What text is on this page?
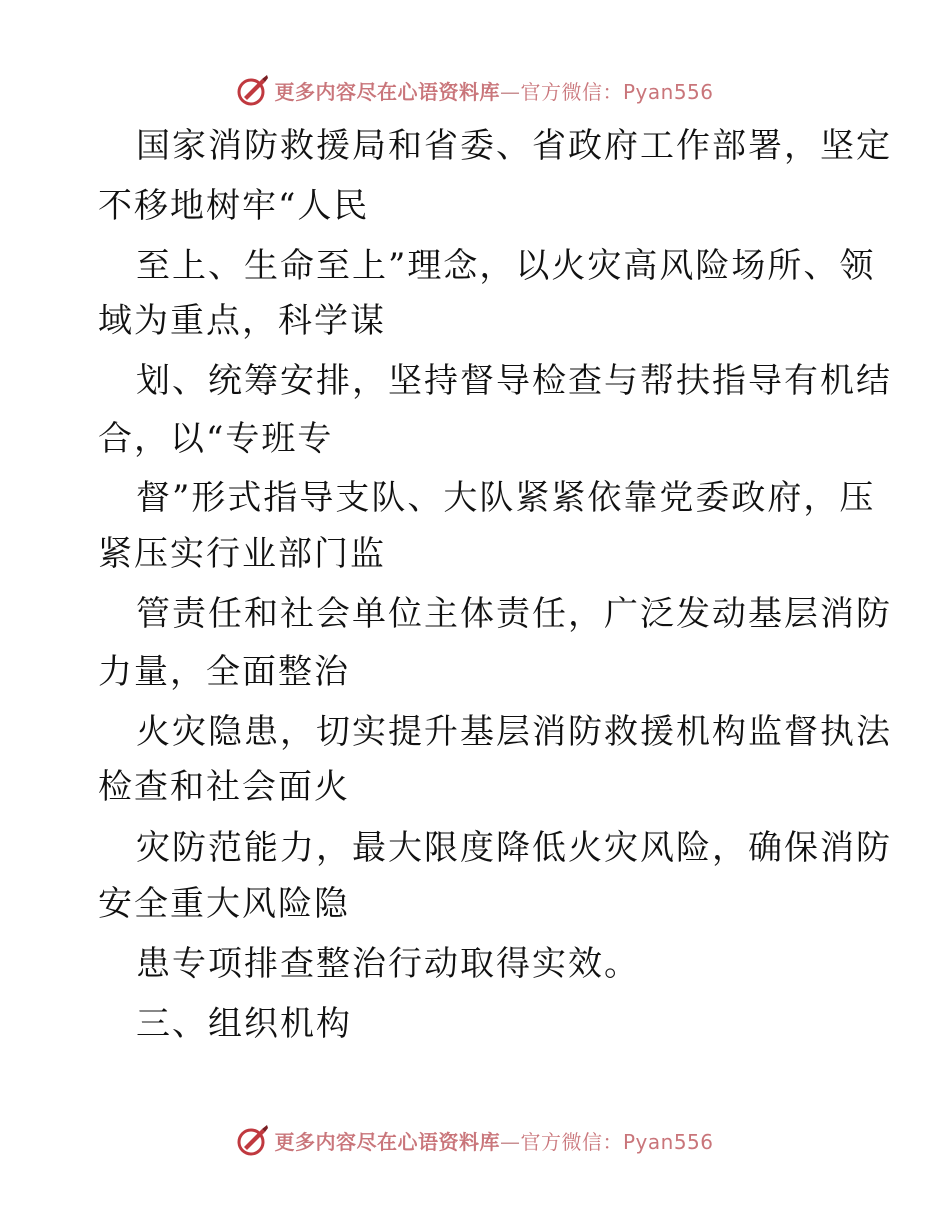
更多内容尽在心语资料库—官方微信：Pyan556
国家消防救援局和省委、省政府工作部署，坚定
不移地树牢“人民
至上、生命至上”理念，以火灾高风险场所、领
域为重点，科学谋
划、统筹安排，坚持督导检查与帮扶指导有机结
合，以“专班专
督”形式指导支队、大队紧紧依靠党委政府，压
紧压实行业部门监
管责任和社会单位主体责任，广泛发动基层消防
力量，全面整治
火灾隐患，切实提升基层消防救援机构监督执法
检查和社会面火
灾防范能力，最大限度降低火灾风险，确保消防
安全重大风险隐
患专项排查整治行动取得实效。
三、组织机构
更多内容尽在心语资料库—官方微信：Pyan556
